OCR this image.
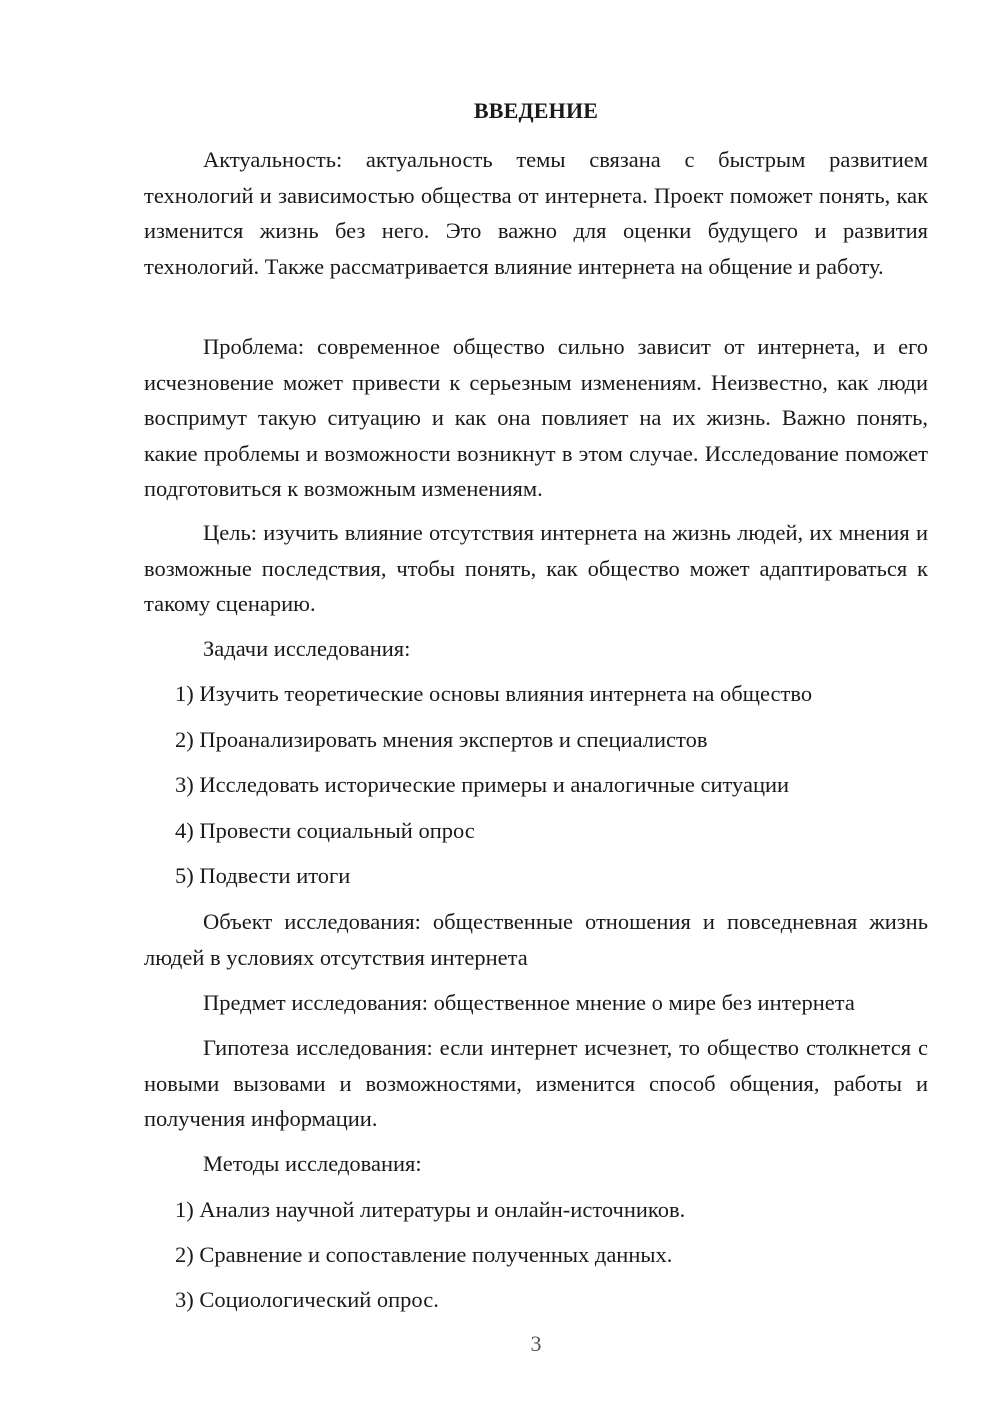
ВВЕДЕНИЕ

Актуальность: актуальность темы связана с быстрым развитием технологий и зависимостью общества от интернета. Проект поможет понять, как изменится жизнь без него. Это важно для оценки будущего и развития технологий. Также рассматривается влияние интернета на общение и работу.

Проблема: современное общество сильно зависит от интернета, и его исчезновение может привести к серьезным изменениям. Неизвестно, как люди воспримут такую ситуацию и как она повлияет на их жизнь. Важно понять, какие проблемы и возможности возникнут в этом случае. Исследование поможет подготовиться к возможным изменениям.

Цель: изучить влияние отсутствия интернета на жизнь людей, их мнения и возможные последствия, чтобы понять, как общество может адаптироваться к такому сценарию.

Задачи исследования:

1) Изучить теоретические основы влияния интернета на общество

2) Проанализировать мнения экспертов и специалистов

3) Исследовать исторические примеры и аналогичные ситуации

4) Провести социальный опрос

5) Подвести итоги

Объект исследования: общественные отношения и повседневная жизнь людей в условиях отсутствия интернета

Предмет исследования: общественное мнение о мире без интернета

Гипотеза исследования: если интернет исчезнет, то общество столкнется с новыми вызовами и возможностями, изменится способ общения, работы и получения информации.

Методы исследования:

1) Анализ научной литературы и онлайн-источников.

2) Сравнение и сопоставление полученных данных.

3) Социологический опрос.

3
